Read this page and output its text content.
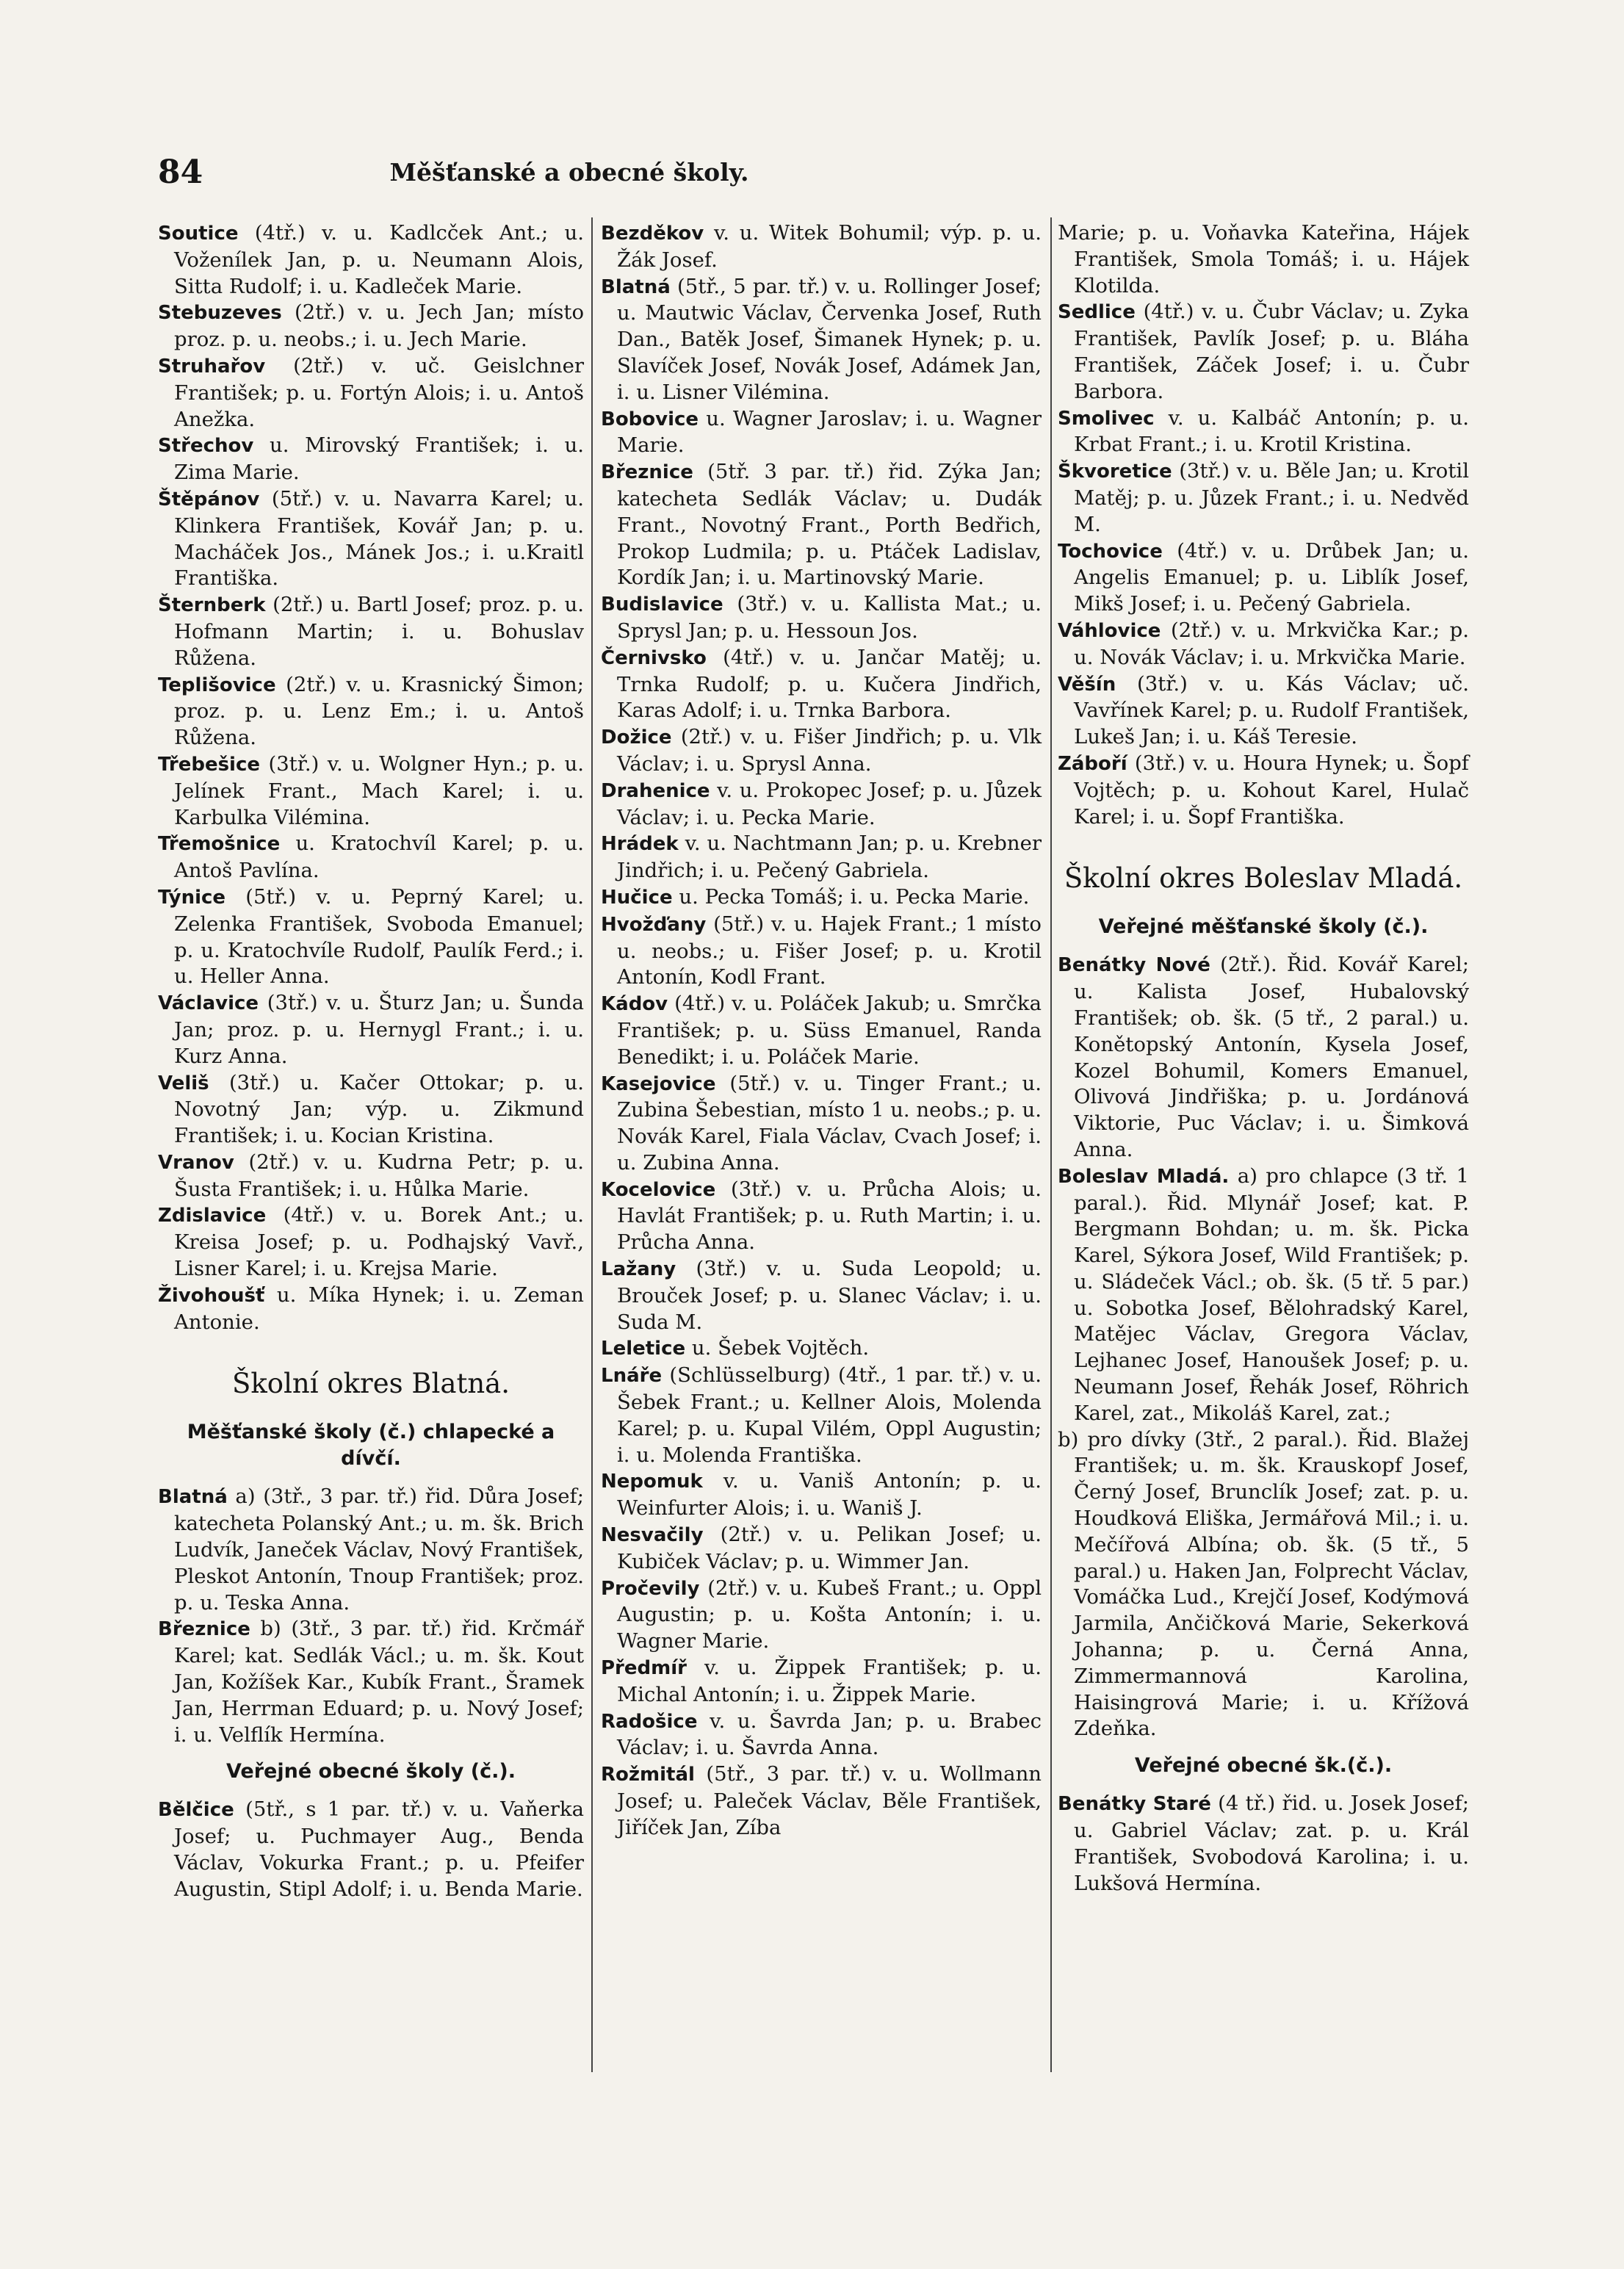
84	Měšťanské a obecné školy.

Soutice (4tř.) v. u. Kadlcček Ant.; u. Voženílek Jan, p. u. Neumann Alois, Sitta Rudolf; i. u. Kadleček Marie.

Stebuzeves (2tř.) v. u. Jech Jan; místo proz. p. u. neobs.; i. u. Jech Marie.

Struhařov (2tř.) v. uč. Geislchner František; p. u. Fortýn Alois; i. u. Antoš Anežka.

Střechov u. Mirovský František; i. u. Zima Marie.

Štěpánov (5tř.) v. u. Navarra Karel; u. Klinkera František, Kovář Jan; p. u. Macháček Jos., Mánek Jos.; i. u.Kraitl Františka.

Šternberk (2tř.) u. Bartl Josef; proz. p. u. Hofmann Martin; i. u. Bohuslav Růžena.

Teplišovice (2tř.) v. u. Krasnický Šimon; proz. p. u. Lenz Em.; i. u. Antoš Růžena.

Třebešice (3tř.) v. u. Wolgner Hyn.; p. u. Jelínek Frant., Mach Karel; i. u. Karbulka Vilémina.

Třemošnice u. Kratochvíl Karel; p. u. Antoš Pavlína.

Týnice (5tř.) v. u. Peprný Karel; u. Zelenka František, Svoboda Emanuel; p. u. Kratochvíle Rudolf, Paulík Ferd.; i. u. Heller Anna.

Václavice (3tř.) v. u. Šturz Jan; u. Šunda Jan; proz. p. u. Hernygl Frant.; i. u. Kurz Anna.

Veliš (3tř.) u. Kačer Ottokar; p. u. Novotný Jan; výp. u. Zikmund František; i. u. Kocian Kristina.

Vranov (2tř.) v. u. Kudrna Petr; p. u. Šusta František; i. u. Hůlka Marie.

Zdislavice (4tř.) v. u. Borek Ant.; u. Kreisa Josef; p. u. Podhajský Vavř., Lisner Karel; i. u. Krejsa Marie.

Živohoušť u. Míka Hynek; i. u. Zeman Antonie.

Školní okres Blatná.
Měšťanské školy (č.) chlapecké a dívčí.

Blatná a) (3tř., 3 par. tř.) řid. Důra Josef; katecheta Polanský Ant.; u. m. šk. Brich Ludvík, Janeček Václav, Nový František, Pleskot Antonín, Tnoup František; proz. p. u. Teska Anna.

Březnice b) (3tř., 3 par. tř.) řid. Krčmář Karel; kat. Sedlák Václ.; u. m. šk. Kout Jan, Kožíšek Kar., Kubík Frant., Šramek Jan, Herrman Eduard; p. u. Nový Josef; i. u. Velflík Hermína.

Veřejné obecné školy (č.).

Bělčice (5tř., s 1 par. tř.) v. u. Vaňerka Josef; u. Puchmayer Aug., Benda Václav, Vokurka Frant.; p. u. Pfeifer Augustin, Stipl Adolf; i. u. Benda Marie.

Bezděkov v. u. Witek Bohumil; výp. p. u. Žák Josef.

Blatná (5tř., 5 par. tř.) v. u. Rollinger Josef; u. Mautwic Václav, Červenka Josef, Ruth Dan., Batěk Josef, Šimanek Hynek; p. u. Slavíček Josef, Novák Josef, Adámek Jan, i. u. Lisner Vilémina.

Bobovice u. Wagner Jaroslav; i. u. Wagner Marie.

Březnice (5tř. 3 par. tř.) řid. Zýka Jan; katecheta Sedlák Václav; u. Dudák Frant., Novotný Frant., Porth Bedřich, Prokop Ludmila; p. u. Ptáček Ladislav, Kordík Jan; i. u. Martinovský Marie.

Budislavice (3tř.) v. u. Kallista Mat.; u. Sprysl Jan; p. u. Hessoun Jos.

Černivsko (4tř.) v. u. Jančar Matěj; u. Trnka Rudolf; p. u. Kučera Jindřich, Karas Adolf; i. u. Trnka Barbora.

Dožice (2tř.) v. u. Fišer Jindřich; p. u. Vlk Václav; i. u. Sprysl Anna.

Drahenice v. u. Prokopec Josef; p. u. Jůzek Václav; i. u. Pecka Marie.

Hrádek v. u. Nachtmann Jan; p. u. Krebner Jindřich; i. u. Pečený Gabriela.

Hučice u. Pecka Tomáš; i. u. Pecka Marie.

Hvožďany (5tř.) v. u. Hajek Frant.; 1 místo u. neobs.; u. Fišer Josef; p. u. Krotil Antonín, Kodl Frant.

Kádov (4tř.) v. u. Poláček Jakub; u. Smrčka František; p. u. Süss Emanuel, Randa Benedikt; i. u. Poláček Marie.

Kasejovice (5tř.) v. u. Tinger Frant.; u. Zubina Šebestian, místo 1 u. neobs.; p. u. Novák Karel, Fiala Václav, Cvach Josef; i. u. Zubina Anna.

Kocelovice (3tř.) v. u. Průcha Alois; u. Havlát František; p. u. Ruth Martin; i. u. Průcha Anna.

Lažany (3tř.) v. u. Suda Leopold; u. Brouček Josef; p. u. Slanec Václav; i. u. Suda M.

Leletice u. Šebek Vojtěch.

Lnáře (Schlüsselburg) (4tř., 1 par. tř.) v. u. Šebek Frant.; u. Kellner Alois, Molenda Karel; p. u. Kupal Vilém, Oppl Augustin; i. u. Molenda Františka.

Nepomuk v. u. Vaniš Antonín; p. u. Weinfurter Alois; i. u. Waniš J.

Nesvačily (2tř.) v. u. Pelikan Josef; u. Kubiček Václav; p. u. Wimmer Jan.

Pročevily (2tř.) v. u. Kubeš Frant.; u. Oppl Augustin; p. u. Košta Antonín; i. u. Wagner Marie.

Předmíř v. u. Žippek František; p. u. Michal Antonín; i. u. Žippek Marie.

Radošice v. u. Šavrda Jan; p. u. Brabec Václav; i. u. Šavrda Anna.

Rožmitál (5tř., 3 par. tř.) v. u. Wollmann Josef; u. Paleček Václav, Běle František, Jiříček Jan, Zíba

Marie; p. u. Voňavka Kateřina, Hájek František, Smola Tomáš; i. u. Hájek Klotilda.

Sedlice (4tř.) v. u. Čubr Václav; u. Zyka František, Pavlík Josef; p. u. Bláha František, Záček Josef; i. u. Čubr Barbora.

Smolivec v. u. Kalbáč Antonín; p. u. Krbat Frant.; i. u. Krotil Kristina.

Škvoretice (3tř.) v. u. Běle Jan; u. Krotil Matěj; p. u. Jůzek Frant.; i. u. Nedvěd M.

Tochovice (4tř.) v. u. Drůbek Jan; u. Angelis Emanuel; p. u. Liblík Josef, Mikš Josef; i. u. Pečený Gabriela.

Váhlovice (2tř.) v. u. Mrkvička Kar.; p. u. Novák Václav; i. u. Mrkvička Marie.

Věšín (3tř.) v. u. Kás Václav; uč. Vavřínek Karel; p. u. Rudolf František, Lukeš Jan; i. u. Káš Teresie.

Záboří (3tř.) v. u. Houra Hynek; u. Šopf Vojtěch; p. u. Kohout Karel, Hulač Karel; i. u. Šopf Františka.

Školní okres Boleslav Mladá.
Veřejné měšťanské školy (č.).

Benátky Nové (2tř.). Řid. Kovář Karel; u. Kalista Josef, Hubalovský František; ob. šk. (5 tř., 2 paral.) u. Konětopský Antonín, Kysela Josef, Kozel Bohumil, Komers Emanuel, Olivová Jindřiška; p. u. Jordánová Viktorie, Puc Václav; i. u. Šimková Anna.

Boleslav Mladá. a) pro chlapce (3 tř. 1 paral.). Řid. Mlynář Josef; kat. P. Bergmann Bohdan; u. m. šk. Picka Karel, Sýkora Josef, Wild František; p. u. Sládeček Václ.; ob. šk. (5 tř. 5 par.) u. Sobotka Josef, Bělohradský Karel, Matějec Václav, Gregora Václav, Lejhanec Josef, Hanoušek Josef; p. u. Neumann Josef, Řehák Josef, Röhrich Karel, zat., Mikoláš Karel, zat.;

b) pro dívky (3tř., 2 paral.). Řid. Blažej František; u. m. šk. Krauskopf Josef, Černý Josef, Brunclík Josef; zat. p. u. Houdková Eliška, Jermářová Mil.; i. u. Mečířová Albína; ob. šk. (5 tř., 5 paral.) u. Haken Jan, Folprecht Václav, Vomáčka Lud., Krejčí Josef, Kodýmová Jarmila, Ančičková Marie, Sekerková Johanna; p. u. Černá Anna, Zimmermannová Karolina, Haisingrová Marie; i. u. Křížová Zdeňka.

Veřejné obecné šk.(č.).

Benátky Staré (4 tř.) řid. u. Josek Josef; u. Gabriel Václav; zat. p. u. Král František, Svobodová Karolina; i. u. Lukšová Hermína.
